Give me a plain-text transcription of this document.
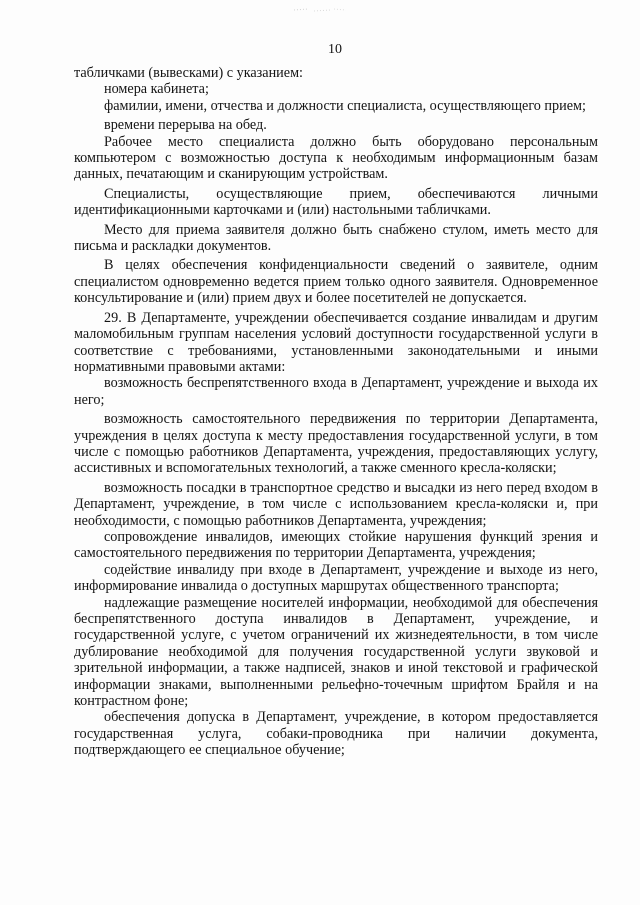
10

табличками (вывесками) с указанием:

номера кабинета;

фамилии, имени, отчества и должности специалиста, осуществляющего прием;

времени перерыва на обед.

Рабочее место специалиста должно быть оборудовано персональным компьютером с возможностью доступа к необходимым информационным базам данных, печатающим и сканирующим устройствам.

Специалисты, осуществляющие прием, обеспечиваются личными идентификационными карточками и (или) настольными табличками.

Место для приема заявителя должно быть снабжено стулом, иметь место для письма и раскладки документов.

В целях обеспечения конфиденциальности сведений о заявителе, одним специалистом одновременно ведется прием только одного заявителя. Одновременное консультирование и (или) прием двух и более посетителей не допускается.

29. В Департаменте, учреждении обеспечивается создание инвалидам и другим маломобильным группам населения условий доступности государственной услуги в соответствие с требованиями, установленными законодательными и иными нормативными правовыми актами:

возможность беспрепятственного входа в Департамент, учреждение и выхода их него;

возможность самостоятельного передвижения по территории Департамента, учреждения в целях доступа к месту предоставления государственной услуги, в том числе с помощью работников Департамента, учреждения, предоставляющих услугу, ассистивных и вспомогательных технологий, а также сменного кресла-коляски;

возможность посадки в транспортное средство и высадки из него перед входом в Департамент, учреждение, в том числе с использованием кресла-коляски и, при необходимости, с помощью работников Департамента, учреждения;

сопровождение инвалидов, имеющих стойкие нарушения функций зрения и самостоятельного передвижения по территории Департамента, учреждения;

содействие инвалиду при входе в Департамент, учреждение и выходе из него, информирование инвалида о доступных маршрутах общественного транспорта;

надлежащие размещение носителей информации, необходимой для обеспечения беспрепятственного доступа инвалидов в Департамент, учреждение, и государственной услуге, с учетом ограничений их жизнедеятельности, в том числе дублирование необходимой для получения государственной услуги звуковой и зрительной информации, а также надписей, знаков и иной текстовой и графической информации знаками, выполненными рельефно-точечным шрифтом Брайля и на контрастном фоне;

обеспечения допуска в Департамент, учреждение, в котором предоставляется государственная услуга, собаки-проводника при наличии документа, подтверждающего ее специальное обучение;
